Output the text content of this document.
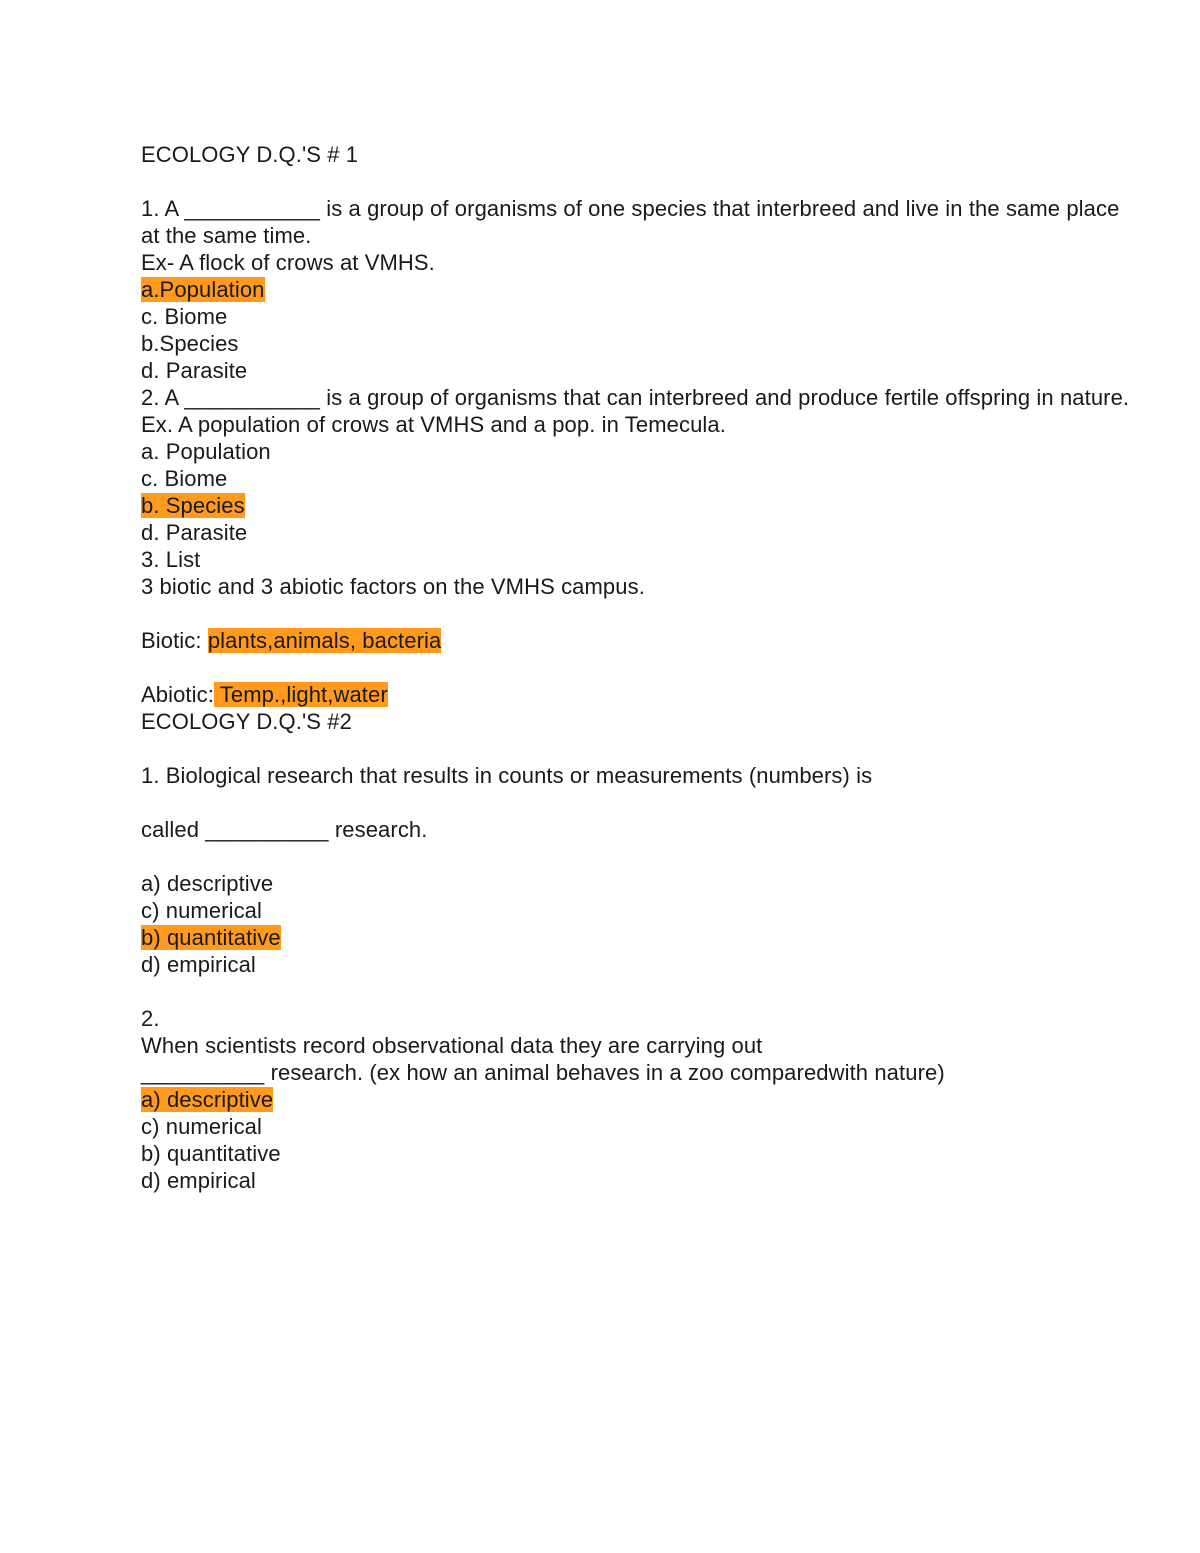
ECOLOGY D.Q.'S # 1

1. A ___________ is a group of organisms of one species that interbreed and live in the same place at the same time.

Ex- A flock of crows at VMHS.

a.Population

c. Biome

b.Species

d. Parasite

2. A ___________ is a group of organisms that can interbreed and produce fertile offspring in nature.

Ex. A population of crows at VMHS and a pop. in Temecula.

a. Population

c. Biome

b. Species

d. Parasite

3. List

3 biotic and 3 abiotic factors on the VMHS campus.

Biotic: plants,animals, bacteria

Abiotic: Temp.,light,water

ECOLOGY D.Q.'S #2

1. Biological research that results in counts or measurements (numbers) is

called __________ research.

a) descriptive

c) numerical

b) quantitative

d) empirical

2.

When scientists record observational data they are carrying out

__________ research. (ex how an animal behaves in a zoo comparedwith nature)

a) descriptive

c) numerical

b) quantitative

d) empirical
